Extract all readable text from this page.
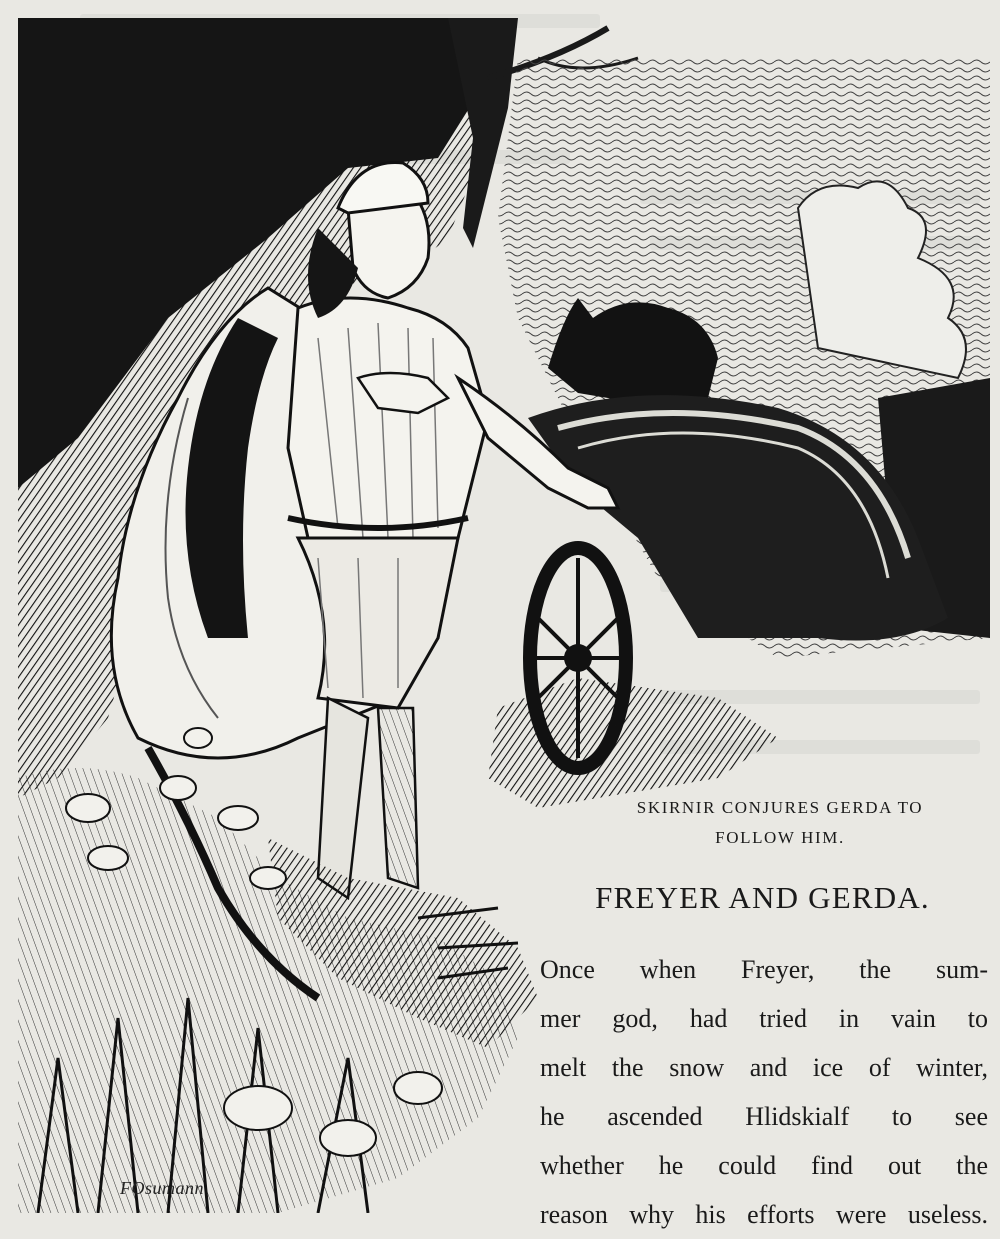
FOsumann
SKIRNIR CONJURES GERDA TO
FOLLOW HIM.
FREYER AND GERDA.

Once when Freyer, the sum-
mer god, had tried in vain to
melt the snow and ice of winter,
he ascended Hlidskialf to see
whether he could find out the
reason why his efforts were useless.
